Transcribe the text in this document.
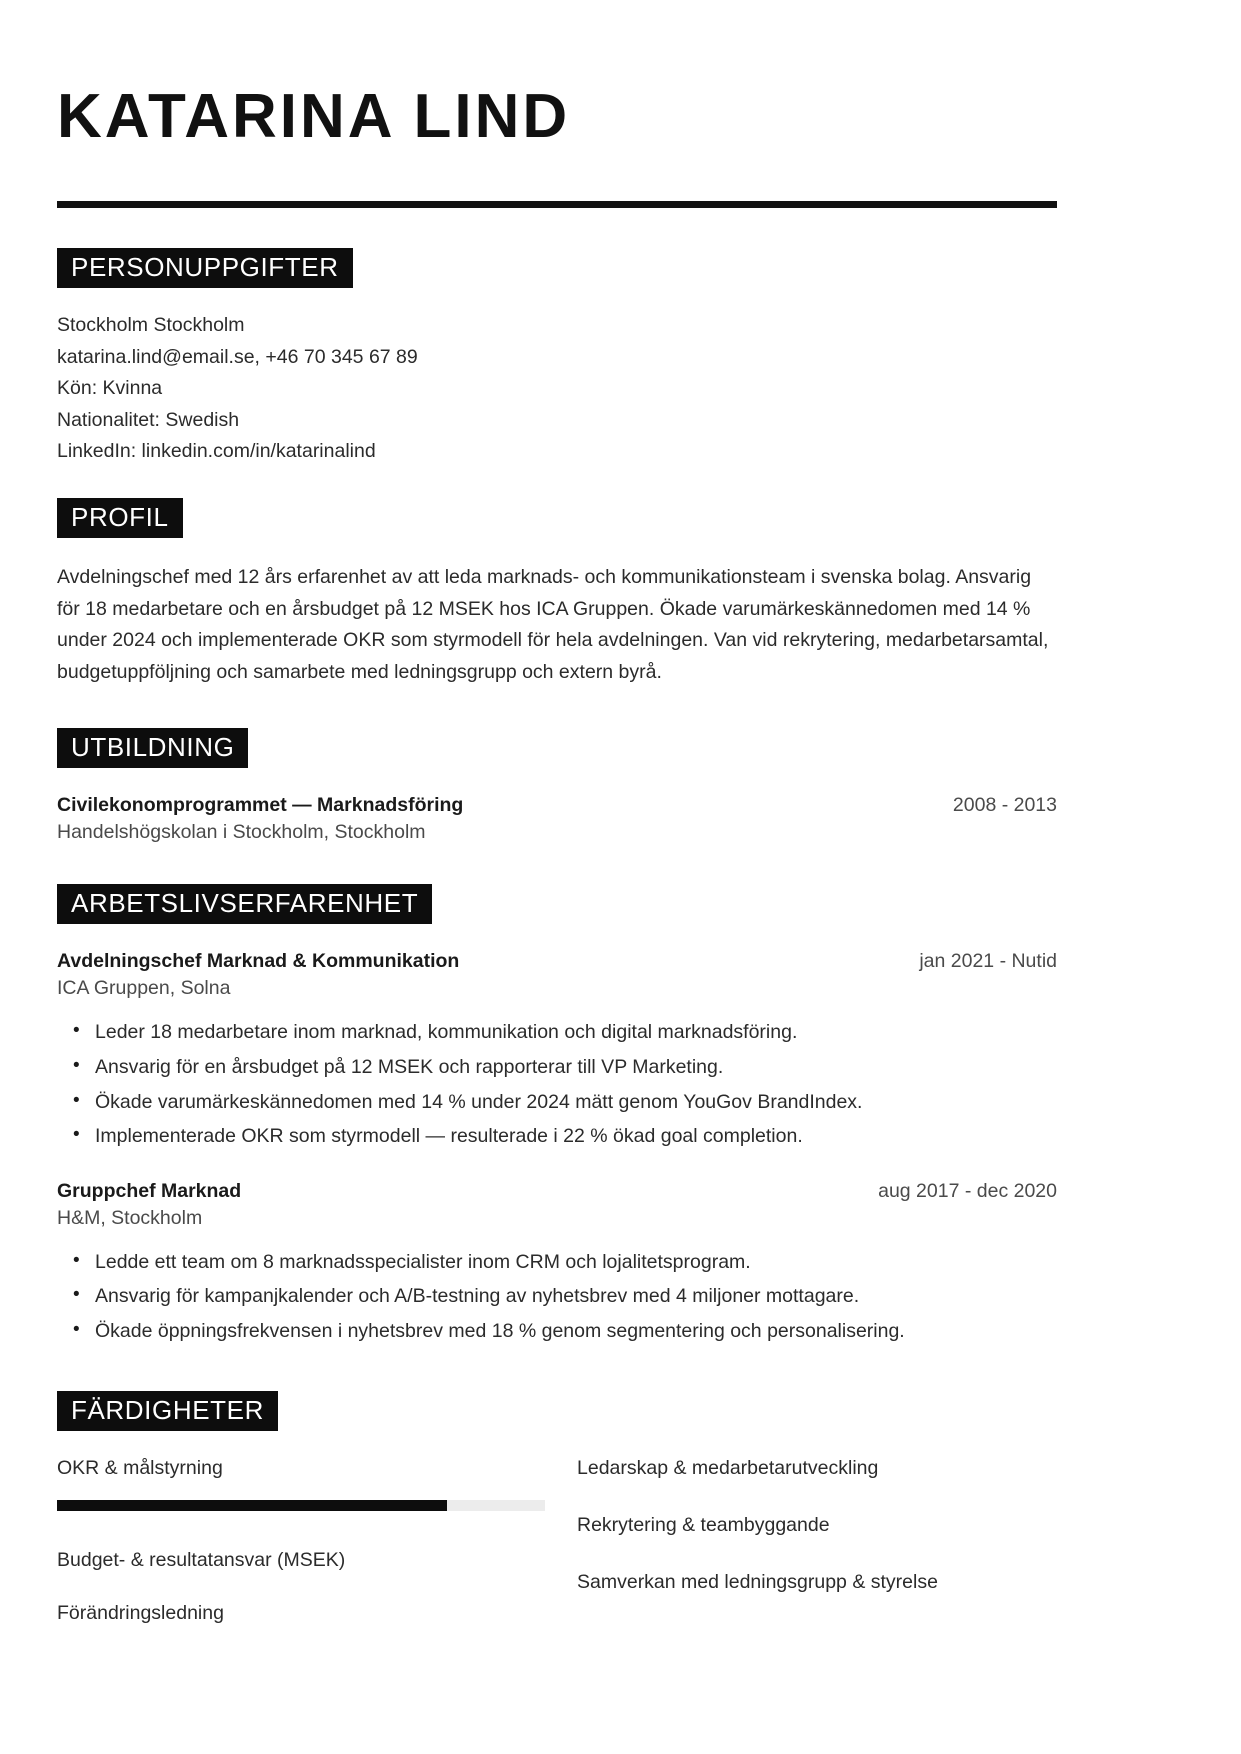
KATARINA LIND
PERSONUPPGIFTER
Stockholm Stockholm
katarina.lind@email.se, +46 70 345 67 89
Kön: Kvinna
Nationalitet: Swedish
LinkedIn: linkedin.com/in/katarinalind
PROFIL
Avdelningschef med 12 års erfarenhet av att leda marknads- och kommunikationsteam i svenska bolag. Ansvarig för 18 medarbetare och en årsbudget på 12 MSEK hos ICA Gruppen. Ökade varumärkeskännedomen med 14 % under 2024 och implementerade OKR som styrmodell för hela avdelningen. Van vid rekrytering, medarbetarsamtal, budgetuppföljning och samarbete med ledningsgrupp och extern byrå.
UTBILDNING
Civilekonomprogrammet — Marknadsföring	2008 - 2013
Handelshögskolan i Stockholm, Stockholm
ARBETSLIVSERFARENHET
Avdelningschef Marknad & Kommunikation	jan 2021 - Nutid
ICA Gruppen, Solna
• Leder 18 medarbetare inom marknad, kommunikation och digital marknadsföring.
• Ansvarig för en årsbudget på 12 MSEK och rapporterar till VP Marketing.
• Ökade varumärkeskännedomen med 14 % under 2024 mätt genom YouGov BrandIndex.
• Implementerade OKR som styrmodell — resulterade i 22 % ökad goal completion.
Gruppchef Marknad	aug 2017 - dec 2020
H&M, Stockholm
• Ledde ett team om 8 marknadsspecialister inom CRM och lojalitetsprogram.
• Ansvarig för kampanjkalender och A/B-testning av nyhetsbrev med 4 miljoner mottagare.
• Ökade öppningsfrekvensen i nyhetsbrev med 18 % genom segmentering och personalisering.
FÄRDIGHETER
OKR & målstyrning
Budget- & resultatansvar (MSEK)
Förändringsledning
Ledarskap & medarbetarutveckling
Rekrytering & teambyggande
Samverkan med ledningsgrupp & styrelse
